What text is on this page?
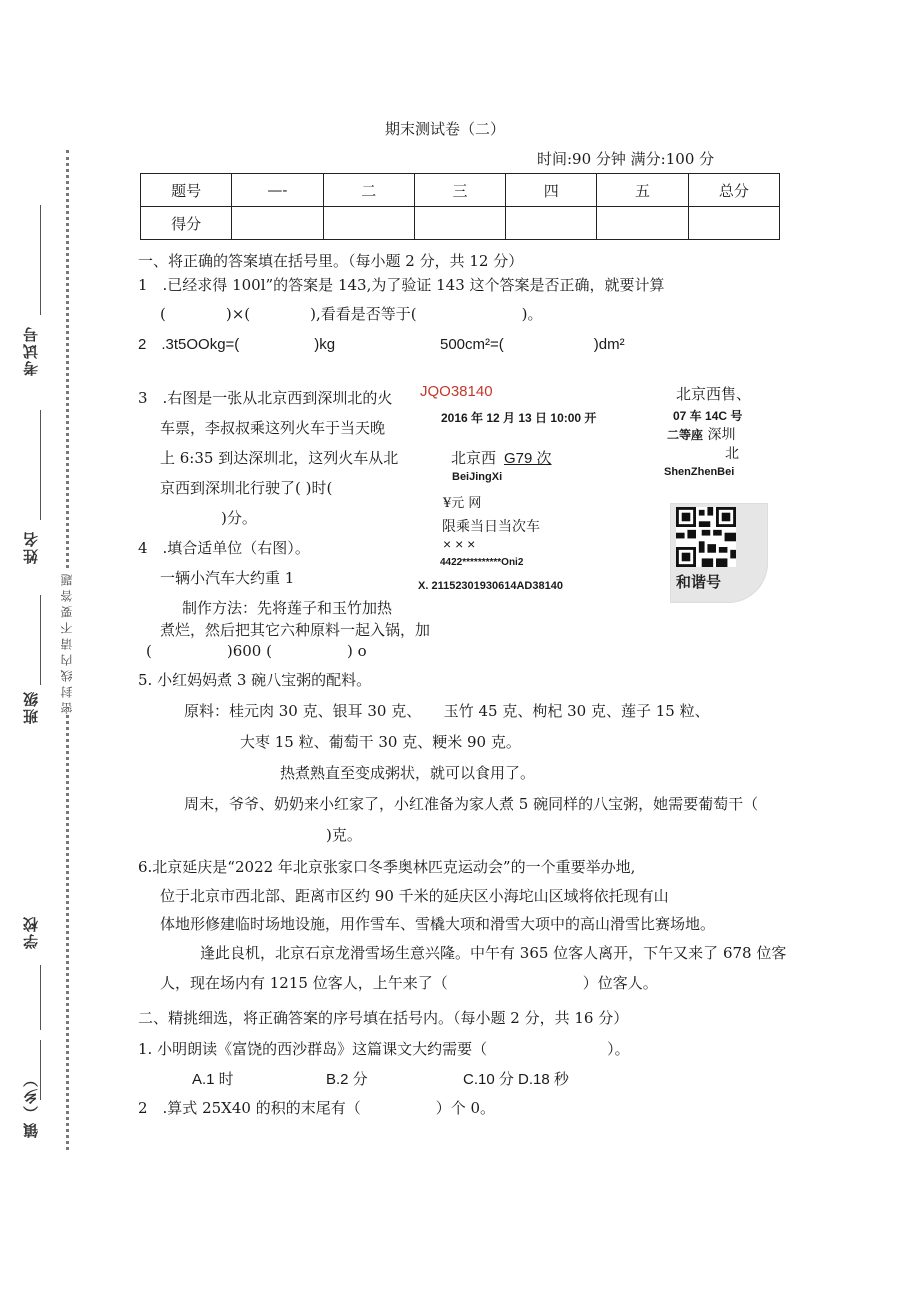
考试号
姓名
班级	密封线内请不要答题
学校
镇（乡）
期末测试卷（二）
时间:90 分钟 满分:100 分
题号	—-	二	三	四	五	总分
得分						
一、将正确的答案填在括号里。（每小题 2 分，共 12 分）
1　.已经求得 100l”的答案是 143,为了验证 143 这个答案是否正确，就要计算
(　　　　)×(　　　　),看看是否等于(　　　　　　　)。
2　.3t5OOkg=(　　　　　)kg	500cm²=(　　　　　　)dm²
3　.右图是一张从北京西到深圳北的火
车票，李叔叔乘这列火车于当天晚
上 6:35 到达深圳北，这列火车从北
京西到深圳北行驶了( )时(
　)分。
4　.填合适单位（右图）。
一辆小汽车大约重 1
制作方法：先将莲子和玉竹加热
煮烂，然后把其它六种原料一起入锅，加
(　　　　　)600 (　　　　　) o
5. 小红妈妈煮 3 碗八宝粥的配料。
原料：桂元肉 30 克、银耳 30 克、　　玉竹 45 克、枸杞 30 克、莲子 15 粒、
大枣 15 粒、葡萄干 30 克、粳米 90 克。
热煮熟直至变成粥状，就可以食用了。
周末，爷爷、奶奶来小红家了，小红准备为家人煮 5 碗同样的八宝粥，她需要葡萄干（
)克。
6.北京延庆是“2022 年北京张家口冬季奥林匹克运动会”的一个重要举办地,
位于北京市西北部、距离市区约 90 千米的延庆区小海坨山区域将依托现有山
体地形修建临时场地设施，用作雪车、雪橇大项和滑雪大项中的高山滑雪比赛场地。
逢此良机，北京石京龙滑雪场生意兴隆。中午有 365 位客人离开，下午又来了 678 位客
人，现在场内有 1215 位客人，上午来了（　　　　　　　　　）位客人。
JQO38140
2016 年 12 月 13 日 10:00 开
北京西售、
07 车 14C 号
二等座 深圳
北
ShenZhenBei
北京西 G79 次
BeiJingXi
¥元 网
限乘当日当次车
× × ×
4422**********Oni2
X. 21152301930614AD38140	和谐号
二、精挑细选，将正确答案的序号填在括号内。（每小题 2 分，共 16 分）
1. 小明朗读《富饶的西沙群岛》这篇课文大约需要（　　　　　　　　）。
A.1 时	B.2 分	C.10 分 D.18 秒
2　.算式 25X40 的积的末尾有（　　　　　）个 0。
